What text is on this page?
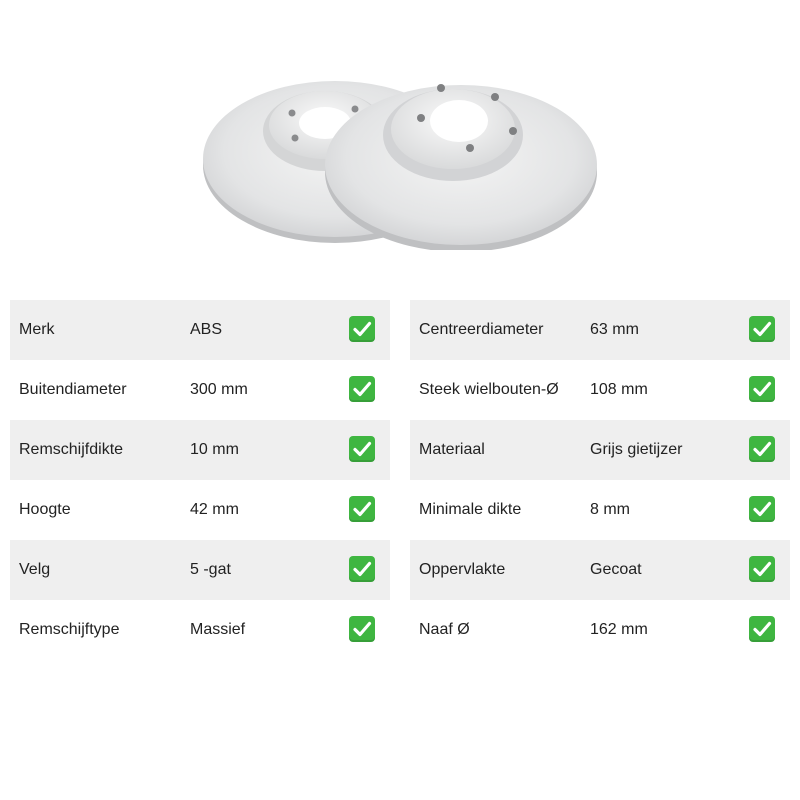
Merk	ABS
Buitendiameter	300 mm
Remschijfdikte	10 mm
Hoogte	42 mm
Velg	5 -gat
Remschijftype	Massief
Centreerdiameter	63 mm
Steek wielbouten-Ø 108 mm
Materiaal	Grijs gietijzer
Minimale dikte	8 mm
Oppervlakte	Gecoat
Naaf Ø	162 mm
